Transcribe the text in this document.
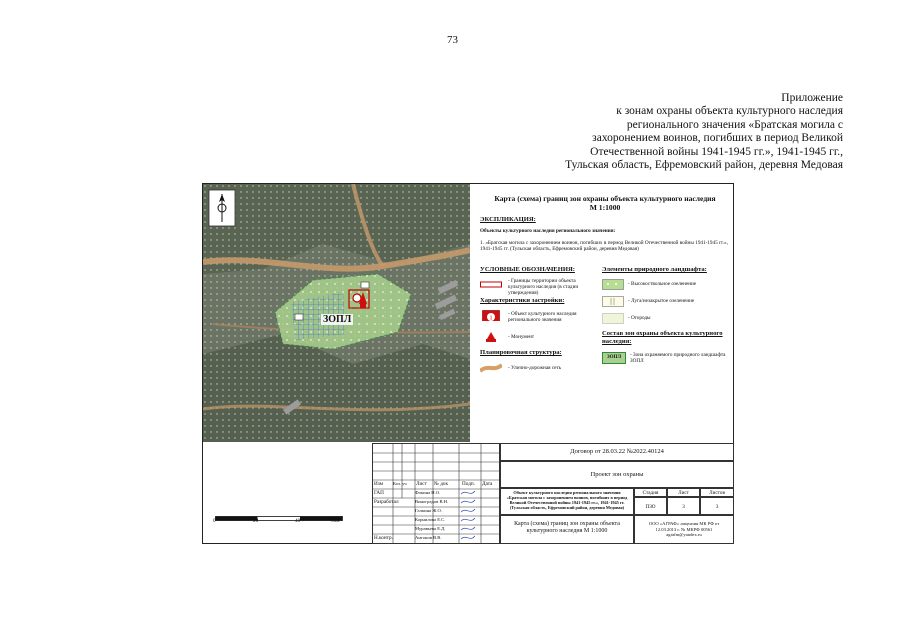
73
Приложение
к зонам охраны объекта культурного наследия
регионального значения «Братская могила с
захоронением воинов, погибших в период Великой
Отечественной войны 1941-1945 гг.», 1941-1945 гг.,
Тульская область, Ефремовский район, деревня Медовая
ЗОПЛ
0	20	40	60м
Карта (схема) границ зон охраны объекта культурного наследия
М 1:1000
ЭКСПЛИКАЦИЯ:
Объекты культурного наследия регионального значения:
1. «Братская могила с захоронением воинов, погибших в период Великой Отечественной войны 1941-1945 гг.», 1941-1945 гг. (Тульская область, Ефремовский район, деревня Медовая)
УСЛОВНЫЕ ОБОЗНАЧЕНИЯ:
- Границы территории объекта культурного наследия (в стадии утверждения)
Характеристики застройки:
1
- Объект культурного наследия регионального значения
- Монумент
Планировочная структура:
- Улично-дорожная сеть
Элементы природного ландшафта:
- Высокоствольное озеленение
- Луга/незакрытое озеленение
- Огороды
Состав зон охраны объекта культурного наследия:
ЗОПЛ - Зона охраняемого природного ландшафта ЗОПЛ
Изм Кол. уч Лист № док	Подп. Дата
ГАП	Фокина Н.О.
Разработал	Виноградов В.Н.
Галкина Ж.О.
Корнилова Е.С.
Муравьева Е.Д.
Н.контр.	Антонов В.В.
Договор от 28.03.22 №2022.40124
Проект зон охраны
Объект культурного наследия регионального значения «Братская могила с захоронением воинов, погибших в период Великой Отечественной войны 1941-1945 гг.», 1941-1945 гг. (Тульская область, Ефремовский район, деревня Медовая)
Стадия	Лист	Листов
ПЗО	3	3
Карта (схема) границ зон охраны объекта культурного наследия М 1:1000
ООО «АГРАФ» лицензия МК РФ от 12.03.2013 г. № МКРФ 00561 agrafm@yandex.ru
